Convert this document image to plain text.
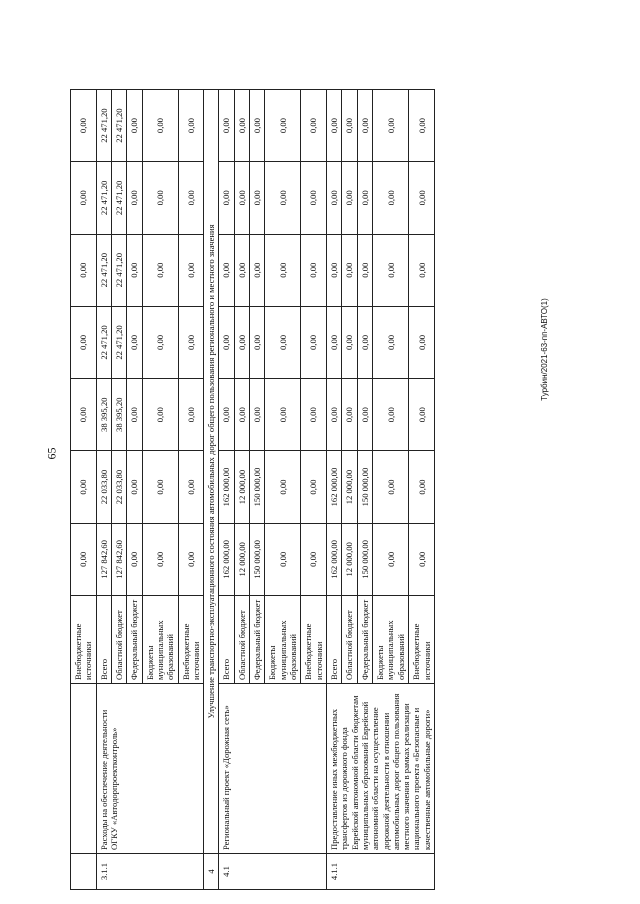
65
Турбин/2021-63-пп-АВТО(1)
		Внебюджетные источники	0,00	0,00	0,00	0,00	0,00	0,00	0,00
3.1.1	Расходы на обеспечение деятельности ОГКУ «Автодорпроектконтроль»	Всего	127 842,60	22 033,80	38 395,20	22 471,20	22 471,20	22 471,20	22 471,20
		Областной бюджет	127 842,60	22 033,80	38 395,20	22 471,20	22 471,20	22 471,20	22 471,20
		Федеральный бюджет	0,00	0,00	0,00	0,00	0,00	0,00	0,00
		Бюджеты муниципальных образований	0,00	0,00	0,00	0,00	0,00	0,00	0,00
		Внебюджетные источники	0,00	0,00	0,00	0,00	0,00	0,00	0,00
4	Улучшение транспортно-эксплуатационного состояния автомобильных дорог общего пользования регионального и местного значения								
4.1	Региональный проект «Дорожная сеть»	Всего	162 000,00	162 000,00	0,00	0,00	0,00	0,00	0,00
		Областной бюджет	12 000,00	12 000,00	0,00	0,00	0,00	0,00	0,00
		Федеральный бюджет	150 000,00	150 000,00	0,00	0,00	0,00	0,00	0,00
		Бюджеты муниципальных образований	0,00	0,00	0,00	0,00	0,00	0,00	0,00
		Внебюджетные источники	0,00	0,00	0,00	0,00	0,00	0,00	0,00
4.1.1	Предоставление иных межбюджетных трансфертов из дорожного фонда Еврейской автономной области бюджетам муниципальных образований Еврейской автономной области на осуществление дорожной деятельности в отношении автомобильных дорог общего пользования местного значения в рамках реализации национального проекта «Безопасные и качественные автомобильные дороги»	Всего	162 000,00	162 000,00	0,00	0,00	0,00	0,00	0,00
		Областной бюджет	12 000,00	12 000,00	0,00	0,00	0,00	0,00	0,00
		Федеральный бюджет	150 000,00	150 000,00	0,00	0,00	0,00	0,00	0,00
		Бюджеты муниципальных образований	0,00	0,00	0,00	0,00	0,00	0,00	0,00
		Внебюджетные источники	0,00	0,00	0,00	0,00	0,00	0,00	0,00
